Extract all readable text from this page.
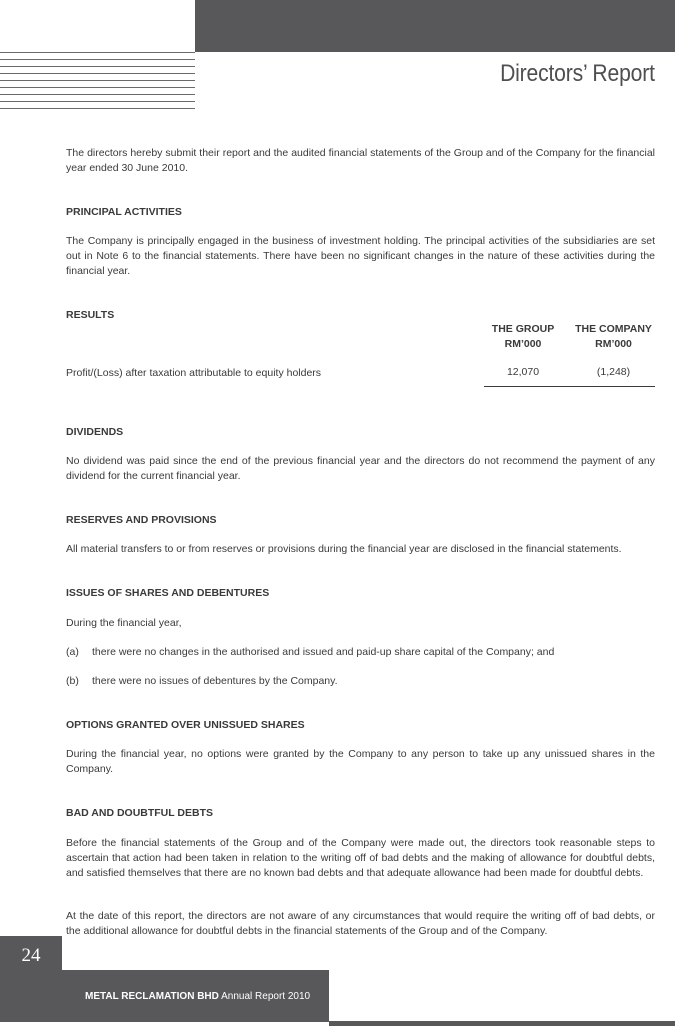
Directors’ Report

The directors hereby submit their report and the audited financial statements of the Group and of the Company for the financial year ended 30 June 2010.

PRINCIPAL ACTIVITIES

The Company is principally engaged in the business of investment holding. The principal activities of the subsidiaries are set out in Note 6 to the financial statements. There have been no significant changes in the nature of these activities during the financial year.

RESULTS
THE GROUP
RM’000
THE COMPANY
RM’000
Profit/(Loss) after taxation attributable to equity holders	12,070	(1,248)
DIVIDENDS

No dividend was paid since the end of the previous financial year and the directors do not recommend the payment of any dividend for the current financial year.

RESERVES AND PROVISIONS

All material transfers to or from reserves or provisions during the financial year are disclosed in the financial statements.

ISSUES OF SHARES AND DEBENTURES

During the financial year,

(a) there were no changes in the authorised and issued and paid-up share capital of the Company; and
(b) there were no issues of debentures by the Company.
OPTIONS GRANTED OVER UNISSUED SHARES

During the financial year, no options were granted by the Company to any person to take up any unissued shares in the Company.

BAD AND DOUBTFUL DEBTS

Before the financial statements of the Group and of the Company were made out, the directors took reasonable steps to ascertain that action had been taken in relation to the writing off of bad debts and the making of allowance for doubtful debts, and satisfied themselves that there are no known bad debts and that adequate allowance had been made for doubtful debts.

At the date of this report, the directors are not aware of any circumstances that would require the writing off of bad debts, or the additional allowance for doubtful debts in the financial statements of the Group and of the Company.

24
METAL RECLAMATION BHD Annual Report 2010
